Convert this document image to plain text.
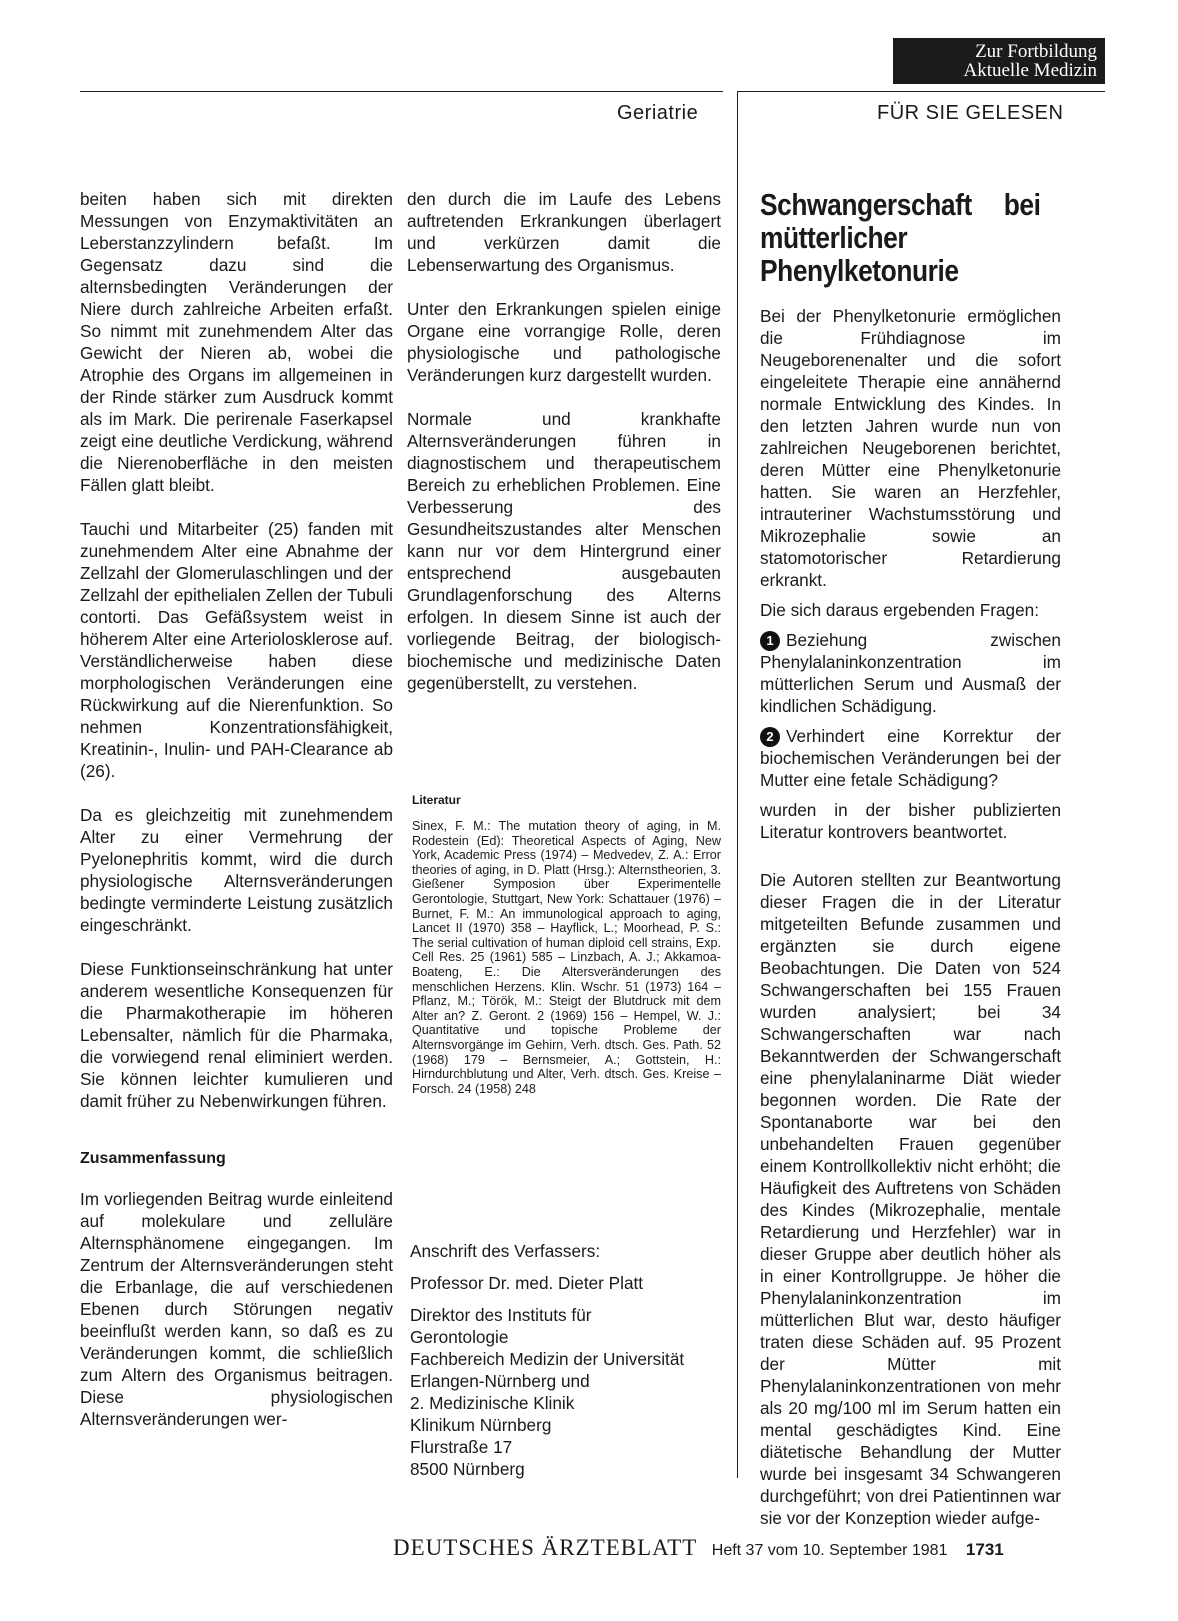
Zur Fortbildung
Aktuelle Medizin
Geriatrie	FÜR SIE GELESEN

beiten haben sich mit direkten Messungen von Enzymaktivitäten an Leberstanzzylindern befaßt. Im Gegensatz dazu sind die alternsbedingten Veränderungen der Niere durch zahlreiche Arbeiten erfaßt. So nimmt mit zunehmendem Alter das Gewicht der Nieren ab, wobei die Atrophie des Organs im allgemeinen in der Rinde stärker zum Ausdruck kommt als im Mark. Die perirenale Faserkapsel zeigt eine deutliche Verdickung, während die Nierenoberfläche in den meisten Fällen glatt bleibt.

Tauchi und Mitarbeiter (25) fanden mit zunehmendem Alter eine Abnahme der Zellzahl der Glomerulaschlingen und der Zellzahl der epithelialen Zellen der Tubuli contorti. Das Gefäßsystem weist in höherem Alter eine Arteriolosklerose auf. Verständlicherweise haben diese morphologischen Veränderungen eine Rückwirkung auf die Nierenfunktion. So nehmen Konzentrationsfähigkeit, Kreatinin-, Inulin- und PAH-Clearance ab (26).

Da es gleichzeitig mit zunehmendem Alter zu einer Vermehrung der Pyelonephritis kommt, wird die durch physiologische Alternsveränderungen bedingte verminderte Leistung zusätzlich eingeschränkt.

Diese Funktionseinschränkung hat unter anderem wesentliche Konsequenzen für die Pharmakotherapie im höheren Lebensalter, nämlich für die Pharmaka, die vorwiegend renal eliminiert werden. Sie können leichter kumulieren und damit früher zu Nebenwirkungen führen.

Zusammenfassung

Im vorliegenden Beitrag wurde einleitend auf molekulare und zelluläre Alternsphänomene eingegangen. Im Zentrum der Alternsveränderungen steht die Erbanlage, die auf verschiedenen Ebenen durch Störungen negativ beeinflußt werden kann, so daß es zu Veränderungen kommt, die schließlich zum Altern des Organismus beitragen. Diese physiologischen Alternsveränderungen wer-

den durch die im Laufe des Lebens auftretenden Erkrankungen überlagert und verkürzen damit die Lebenserwartung des Organismus.

Unter den Erkrankungen spielen einige Organe eine vorrangige Rolle, deren physiologische und pathologische Veränderungen kurz dargestellt wurden.

Normale und krankhafte Alternsveränderungen führen in diagnostischem und therapeutischem Bereich zu erheblichen Problemen. Eine Verbesserung des Gesundheitszustandes alter Menschen kann nur vor dem Hintergrund einer entsprechend ausgebauten Grundlagenforschung des Alterns erfolgen. In diesem Sinne ist auch der vorliegende Beitrag, der biologisch-biochemische und medizinische Daten gegenüberstellt, zu verstehen.

Literatur
Sinex, F. M.: The mutation theory of aging, in M. Rodestein (Ed): Theoretical Aspects of Aging, New York, Academic Press (1974) – Medvedev, Z. A.: Error theories of aging, in D. Platt (Hrsg.): Alternstheorien, 3. Gießener Symposion über Experimentelle Gerontologie, Stuttgart, New York: Schattauer (1976) – Burnet, F. M.: An immunological approach to aging, Lancet II (1970) 358 – Hayflick, L.; Moorhead, P. S.: The serial cultivation of human diploid cell strains, Exp. Cell Res. 25 (1961) 585 – Linzbach, A. J.; Akkamoa-Boateng, E.: Die Altersveränderungen des menschlichen Herzens. Klin. Wschr. 51 (1973) 164 – Pflanz, M.; Török, M.: Steigt der Blutdruck mit dem Alter an? Z. Geront. 2 (1969) 156 – Hempel, W. J.: Quantitative und topische Probleme der Alternsvorgänge im Gehirn, Verh. dtsch. Ges. Path. 52 (1968) 179 – Bernsmeier, A.; Gottstein, H.: Hirndurchblutung und Alter, Verh. dtsch. Ges. Kreise – Forsch. 24 (1958) 248

Anschrift des Verfassers:

Professor Dr. med. Dieter Platt

Direktor des Instituts für
Gerontologie
Fachbereich Medizin der Universität
Erlangen-Nürnberg und
2. Medizinische Klinik
Klinikum Nürnberg
Flurstraße 17
8500 Nürnberg
Schwangerschaft bei mütterlicher Phenylketonurie

Bei der Phenylketonurie ermöglichen die Frühdiagnose im Neugeborenenalter und die sofort eingeleitete Therapie eine annähernd normale Entwicklung des Kindes. In den letzten Jahren wurde nun von zahlreichen Neugeborenen berichtet, deren Mütter eine Phenylketonurie hatten. Sie waren an Herzfehler, intrauteriner Wachstumsstörung und Mikrozephalie sowie an statomotorischer Retardierung erkrankt.

Die sich daraus ergebenden Fragen:

1 Beziehung zwischen Phenylalaninkonzentration im mütterlichen Serum und Ausmaß der kindlichen Schädigung.

2 Verhindert eine Korrektur der biochemischen Veränderungen bei der Mutter eine fetale Schädigung?

wurden in der bisher publizierten Literatur kontrovers beantwortet.

Die Autoren stellten zur Beantwortung dieser Fragen die in der Literatur mitgeteilten Befunde zusammen und ergänzten sie durch eigene Beobachtungen. Die Daten von 524 Schwangerschaften bei 155 Frauen wurden analysiert; bei 34 Schwangerschaften war nach Bekanntwerden der Schwangerschaft eine phenylalaninarme Diät wieder begonnen worden. Die Rate der Spontanaborte war bei den unbehandelten Frauen gegenüber einem Kontrollkollektiv nicht erhöht; die Häufigkeit des Auftretens von Schäden des Kindes (Mikrozephalie, mentale Retardierung und Herzfehler) war in dieser Gruppe aber deutlich höher als in einer Kontrollgruppe. Je höher die Phenylalaninkonzentration im mütterlichen Blut war, desto häufiger traten diese Schäden auf. 95 Prozent der Mütter mit Phenylalaninkonzentrationen von mehr als 20 mg/100 ml im Serum hatten ein mental geschädigtes Kind. Eine diätetische Behandlung der Mutter wurde bei insgesamt 34 Schwangeren durchgeführt; von drei Patientinnen war sie vor der Konzeption wieder aufge-

DEUTSCHES ÄRZTEBLATT Heft 37 vom 10. September 1981 1731
